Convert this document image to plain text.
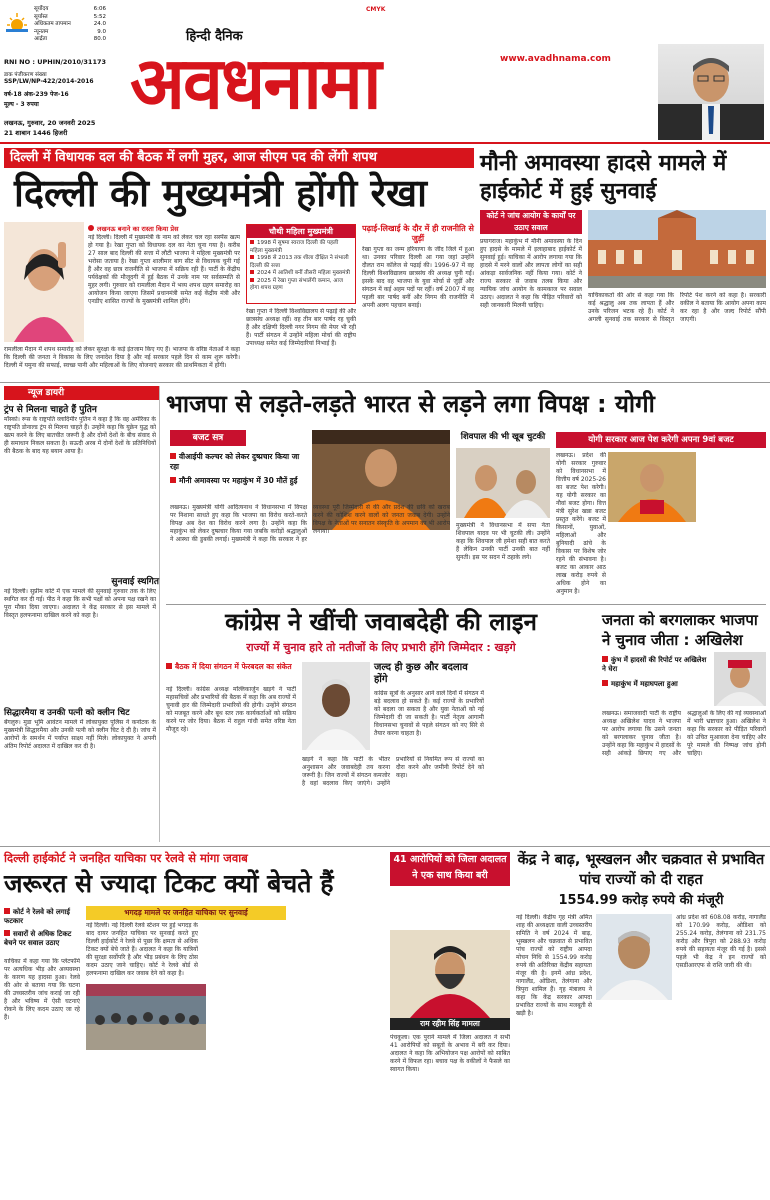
CMYK
सूर्योदय	6:06
सूर्यास्त	5:52
अधिकतम तापमान	24.0
न्यूनतम	9.0
आर्द्रता	80.0
RNI NO : UPHIN/2010/31173
डाक पंजीकरण संख्या
SSP/LW/NP-422/2014-2016
वर्ष-18 अंक-239 पेज-16
मूल्य - 3 रुपया
लखनऊ, गुरुवार, 20 जनवरी 2025
21 शाबान 1446 हिजरी
हिन्दी दैनिक
अवधनामा	www.avadhnama.com
दिल्ली में विधायक दल की बैठक में लगी मुहर, आज सीएम पद की लेंगी शपथ
दिल्ली की मुख्यमंत्री होंगी रेखा
मौनी अमावस्या हादसे मामले में हाईकोर्ट में हुई सुनवाई
लखनऊ बनाने का रास्ता किया प्रेस
नई दिल्ली। दिल्ली में मुख्यमंत्री के नाम को लेकर चल रहा सस्पेंस खत्म हो गया है। रेखा गुप्ता को विधायक दल का नेता चुना गया है। करीब 27 साल बाद दिल्ली की सत्ता में लौटी भाजपा ने महिला मुख्यमंत्री पर भरोसा जताया है। रेखा गुप्ता शालीमार बाग सीट से विधायक चुनी गई हैं और वह छात्र राजनीति से भाजपा में सक्रिय रही हैं। पार्टी के केंद्रीय पर्यवेक्षकों की मौजूदगी में हुई बैठक में उनके नाम पर सर्वसम्मति से मुहर लगी। गुरुवार को रामलीला मैदान में भव्य शपथ ग्रहण समारोह का आयोजन किया जाएगा जिसमें प्रधानमंत्री समेत कई केंद्रीय मंत्री और एनडीए शासित राज्यों के मुख्यमंत्री शामिल होंगे।
रामलीला मैदान में शपथ समारोह को लेकर सुरक्षा के कड़े इंतजाम किए गए हैं। भाजपा के वरिष्ठ नेताओं ने कहा कि दिल्ली की जनता ने विकास के लिए जनादेश दिया है और नई सरकार पहले दिन से काम शुरू करेगी। दिल्ली में यमुना की सफाई, स्वच्छ पानी और महिलाओं के लिए योजनाएं सरकार की प्राथमिकता में होंगी।
चौथी महिला मुख्यमंत्री
1998 में सुषमा स्वराज दिल्ली की पहली महिला मुख्यमंत्री
1998 से 2013 तक शीला दीक्षित ने संभाली दिल्ली की सत्ता
2024 में आतिशी बनीं तीसरी महिला मुख्यमंत्री
2025 में रेखा गुप्ता संभालेंगी कमान, आज होगा शपथ ग्रहण
रेखा गुप्ता ने दिल्ली विश्वविद्यालय से पढ़ाई की और छात्रसंघ अध्यक्ष रहीं। वह तीन बार पार्षद रह चुकी हैं और दक्षिणी दिल्ली नगर निगम की मेयर भी रही हैं। पार्टी संगठन में उन्होंने महिला मोर्चा की राष्ट्रीय उपाध्यक्ष समेत कई जिम्मेदारियां निभाई हैं।
पढ़ाई-लिखाई के दौर में ही राजनीति से जुड़ीं
रेखा गुप्ता का जन्म हरियाणा के जींद जिले में हुआ था। उनका परिवार दिल्ली आ गया जहां उन्होंने दौलत राम कॉलेज से पढ़ाई की। 1996-97 में वह दिल्ली विश्वविद्यालय छात्रसंघ की अध्यक्ष चुनी गईं। इसके बाद वह भाजपा के युवा मोर्चा से जुड़ीं और संगठन में कई अहम पदों पर रहीं। वर्ष 2007 में वह पहली बार पार्षद बनीं और निगम की राजनीति में अपनी अलग पहचान बनाई।
कोर्ट ने जांच आयोग के कार्यों पर उठाए सवाल
प्रयागराज। महाकुंभ में मौनी अमावस्या के दिन हुए हादसे के मामले में इलाहाबाद हाईकोर्ट में सुनवाई हुई। याचिका में आरोप लगाया गया कि हादसे में मरने वालों और लापता लोगों का सही आंकड़ा सार्वजनिक नहीं किया गया। कोर्ट ने राज्य सरकार से जवाब तलब किया और न्यायिक जांच आयोग के कामकाज पर सवाल उठाए। अदालत ने कहा कि पीड़ित परिवारों को सही जानकारी मिलनी चाहिए।
याचिकाकर्ता की ओर से कहा गया कि कई श्रद्धालु अब तक लापता हैं और उनके परिजन भटक रहे हैं। कोर्ट ने अगली सुनवाई तक सरकार से विस्तृत रिपोर्ट पेश करने को कहा है। सरकारी वकील ने बताया कि आयोग अपना काम कर रहा है और जल्द रिपोर्ट सौंपी जाएगी।
न्यूज डायरी
ट्रंप से मिलना चाहते हैं पुतिन
मॉस्को। रूस के राष्ट्रपति व्लादिमीर पुतिन ने कहा है कि वह अमेरिका के राष्ट्रपति डोनाल्ड ट्रंप से मिलना चाहते हैं। उन्होंने कहा कि यूक्रेन युद्ध को खत्म करने के लिए बातचीत जरूरी है और दोनों देशों के बीच संवाद से ही समाधान निकल सकता है। सऊदी अरब में दोनों देशों के प्रतिनिधियों की बैठक के बाद यह बयान आया है।
सुनवाई स्थगित
नई दिल्ली। सुप्रीम कोर्ट में एक मामले की सुनवाई गुरुवार तक के लिए स्थगित कर दी गई। पीठ ने कहा कि सभी पक्षों को अपना पक्ष रखने का पूरा मौका दिया जाएगा। अदालत ने केंद्र सरकार से इस मामले में विस्तृत हलफनामा दाखिल करने को कहा है।
सिद्धारमैया व उनकी पत्नी को क्लीन चिट
बेंगलुरु। मुडा भूमि आवंटन मामले में लोकायुक्त पुलिस ने कर्नाटक के मुख्यमंत्री सिद्धारमैया और उनकी पत्नी को क्लीन चिट दे दी है। जांच में आरोपों के समर्थन में पर्याप्त साक्ष्य नहीं मिले। लोकायुक्त ने अपनी अंतिम रिपोर्ट अदालत में दाखिल कर दी है।
भाजपा से लड़ते-लड़ते भारत से लड़ने लगा विपक्ष : योगी
बजट सत्र
वीआईपी कल्चर को लेकर दुष्प्रचार किया जा रहा
मौनी अमावस्या पर महाकुंभ में 30 मौतें हुईं
लखनऊ। मुख्यमंत्री योगी आदित्यनाथ ने विधानसभा में विपक्ष पर निशाना साधते हुए कहा कि भाजपा का विरोध करते-करते विपक्ष अब देश का विरोध करने लगा है। उन्होंने कहा कि महाकुंभ को लेकर दुष्प्रचार किया गया जबकि करोड़ों श्रद्धालुओं ने आस्था की डुबकी लगाई। मुख्यमंत्री ने कहा कि सरकार ने हर व्यवस्था पूरी जिम्मेदारी से की और प्रदेश की छवि को खराब करने की कोशिश करने वालों को जनता जवाब देगी। उन्होंने विपक्ष के नेताओं पर सनातन संस्कृति के अपमान का भी आरोप लगाया।
शिवपाल की भी खूब चुटकी
मुख्यमंत्री ने विधानसभा में सपा नेता शिवपाल यादव पर भी चुटकी ली। उन्होंने कहा कि शिवपाल जी हमेशा सही बात करते हैं लेकिन उनकी पार्टी उनकी बात नहीं सुनती। इस पर सदन में ठहाके लगे।
योगी सरकार आज पेश करेगी अपना 9वां बजट
लखनऊ। प्रदेश की योगी सरकार गुरुवार को विधानसभा में वित्तीय वर्ष 2025-26 का बजट पेश करेगी। यह योगी सरकार का नौवां बजट होगा। वित्त मंत्री सुरेश खन्ना बजट प्रस्तुत करेंगे। बजट में किसानों, युवाओं, महिलाओं और बुनियादी ढांचे के विकास पर विशेष जोर रहने की संभावना है। बजट का आकार आठ लाख करोड़ रुपये से अधिक होने का अनुमान है।
कांग्रेस ने खींची जवाबदेही की लाइन
राज्यों में चुनाव हारे तो नतीजों के लिए प्रभारी होंगे जिम्मेदार : खड़गे
बैठक में दिया संगठन में फेरबदल का संकेत
नई दिल्ली। कांग्रेस अध्यक्ष मल्लिकार्जुन खड़गे ने पार्टी महासचिवों और प्रभारियों की बैठक में कहा कि अब राज्यों में चुनावी हार की जिम्मेदारी प्रभारियों की होगी। उन्होंने संगठन को मजबूत करने और बूथ स्तर तक कार्यकर्ताओं को सक्रिय करने पर जोर दिया। बैठक में राहुल गांधी समेत वरिष्ठ नेता मौजूद रहे।
जल्द ही कुछ और बदलाव होंगे
कांग्रेस सूत्रों के अनुसार आने वाले दिनों में संगठन में बड़े बदलाव हो सकते हैं। कई राज्यों के प्रभारियों को बदला जा सकता है और युवा नेताओं को नई जिम्मेदारी दी जा सकती है। पार्टी नेतृत्व आगामी विधानसभा चुनावों से पहले संगठन को नए सिरे से तैयार करना चाहता है।
खड़गे ने कहा कि पार्टी के भीतर अनुशासन और जवाबदेही तय करना जरूरी है। जिन राज्यों में संगठन कमजोर है वहां बदलाव किए जाएंगे। उन्होंने प्रभारियों से नियमित रूप से राज्यों का दौरा करने और जमीनी रिपोर्ट देने को कहा।
जनता को बरगलाकर भाजपा ने चुनाव जीता : अखिलेश
कुंभ में हादसों की रिपोर्ट पर अखिलेश ने घेरा
महाकुंभ में महाघपला हुआ
लखनऊ। समाजवादी पार्टी के राष्ट्रीय अध्यक्ष अखिलेश यादव ने भाजपा पर आरोप लगाया कि उसने जनता को बरगलाकर चुनाव जीता है। उन्होंने कहा कि महाकुंभ में हादसों के सही आंकड़े छिपाए गए और श्रद्धालुओं के लिए की गई व्यवस्थाओं में भारी भ्रष्टाचार हुआ। अखिलेश ने कहा कि सरकार को पीड़ित परिवारों को उचित मुआवजा देना चाहिए और पूरे मामले की निष्पक्ष जांच होनी चाहिए।
दिल्ली हाईकोर्ट ने जनहित याचिका पर रेलवे से मांगा जवाब
जरूरत से ज्यादा टिकट क्यों बेचते हैं
कोर्ट ने रेलवे को लगाई फटकार
सवारों से अधिक टिकट बेचने पर सवाल उठाए
याचिका में कहा गया कि प्लेटफॉर्म पर अत्यधिक भीड़ और अव्यवस्था के कारण यह हादसा हुआ। रेलवे की ओर से बताया गया कि घटना की उच्चस्तरीय जांच कराई जा रही है और भविष्य में ऐसी घटनाएं रोकने के लिए कदम उठाए जा रहे हैं।
भगदड़ मामले पर जनहित याचिका पर सुनवाई
नई दिल्ली। नई दिल्ली रेलवे स्टेशन पर हुई भगदड़ के बाद दायर जनहित याचिका पर सुनवाई करते हुए दिल्ली हाईकोर्ट ने रेलवे से पूछा कि क्षमता से अधिक टिकट क्यों बेचे जाते हैं। अदालत ने कहा कि यात्रियों की सुरक्षा सर्वोपरि है और भीड़ प्रबंधन के लिए ठोस कदम उठाए जाने चाहिए। कोर्ट ने रेलवे बोर्ड से हलफनामा दाखिल कर जवाब देने को कहा है।
41 आरोपियों को जिला अदालत ने एक साथ किया बरी
राम रहीम सिंह मामला
पंचकूला। एक पुराने मामले में जिला अदालत ने सभी 41 आरोपियों को सबूतों के अभाव में बरी कर दिया। अदालत ने कहा कि अभियोजन पक्ष आरोपों को साबित करने में विफल रहा। बचाव पक्ष के वकीलों ने फैसले का स्वागत किया।
केंद्र ने बाढ़, भूस्खलन और चक्रवात से प्रभावित पांच राज्यों को दी राहत
1554.99 करोड़ रुपये की मंजूरी
नई दिल्ली। केंद्रीय गृह मंत्री अमित शाह की अध्यक्षता वाली उच्चस्तरीय समिति ने वर्ष 2024 में बाढ़, भूस्खलन और चक्रवात से प्रभावित पांच राज्यों को राष्ट्रीय आपदा मोचन निधि से 1554.99 करोड़ रुपये की अतिरिक्त केंद्रीय सहायता मंजूर की है। इनमें आंध्र प्रदेश, नागालैंड, ओडिशा, तेलंगाना और त्रिपुरा शामिल हैं। गृह मंत्रालय ने कहा कि केंद्र सरकार आपदा प्रभावित राज्यों के साथ मजबूती से खड़ी है।
आंध्र प्रदेश को 608.08 करोड़, नागालैंड को 170.99 करोड़, ओडिशा को 255.24 करोड़, तेलंगाना को 231.75 करोड़ और त्रिपुरा को 288.93 करोड़ रुपये की सहायता मंजूर की गई है। इससे पहले भी केंद्र ने इन राज्यों को एसडीआरएफ से राशि जारी की थी।
